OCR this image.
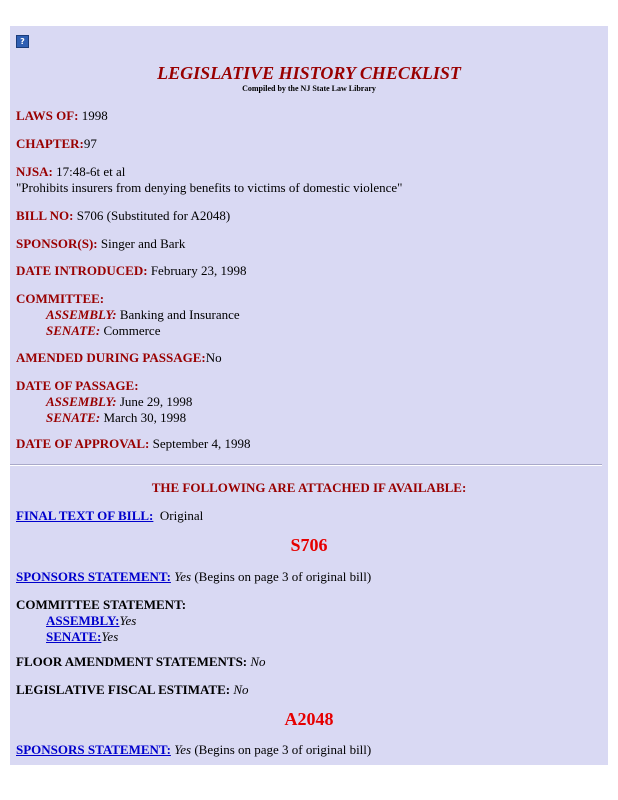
?
LEGISLATIVE HISTORY CHECKLIST
Compiled by the NJ State Law Library
LAWS OF: 1998
CHAPTER:97
NJSA: 17:48-6t et al
"Prohibits insurers from denying benefits to victims of domestic violence"
BILL NO: S706 (Substituted for A2048)
SPONSOR(S): Singer and Bark
DATE INTRODUCED: February 23, 1998
COMMITTEE:
ASSEMBLY: Banking and Insurance
SENATE: Commerce
AMENDED DURING PASSAGE:No
DATE OF PASSAGE:
ASSEMBLY: June 29, 1998
SENATE: March 30, 1998
DATE OF APPROVAL: September 4, 1998
THE FOLLOWING ARE ATTACHED IF AVAILABLE:
FINAL TEXT OF BILL: Original
S706
SPONSORS STATEMENT: Yes (Begins on page 3 of original bill)
COMMITTEE STATEMENT:
ASSEMBLY:Yes
SENATE:Yes
FLOOR AMENDMENT STATEMENTS: No
LEGISLATIVE FISCAL ESTIMATE: No
A2048
SPONSORS STATEMENT: Yes (Begins on page 3 of original bill)
